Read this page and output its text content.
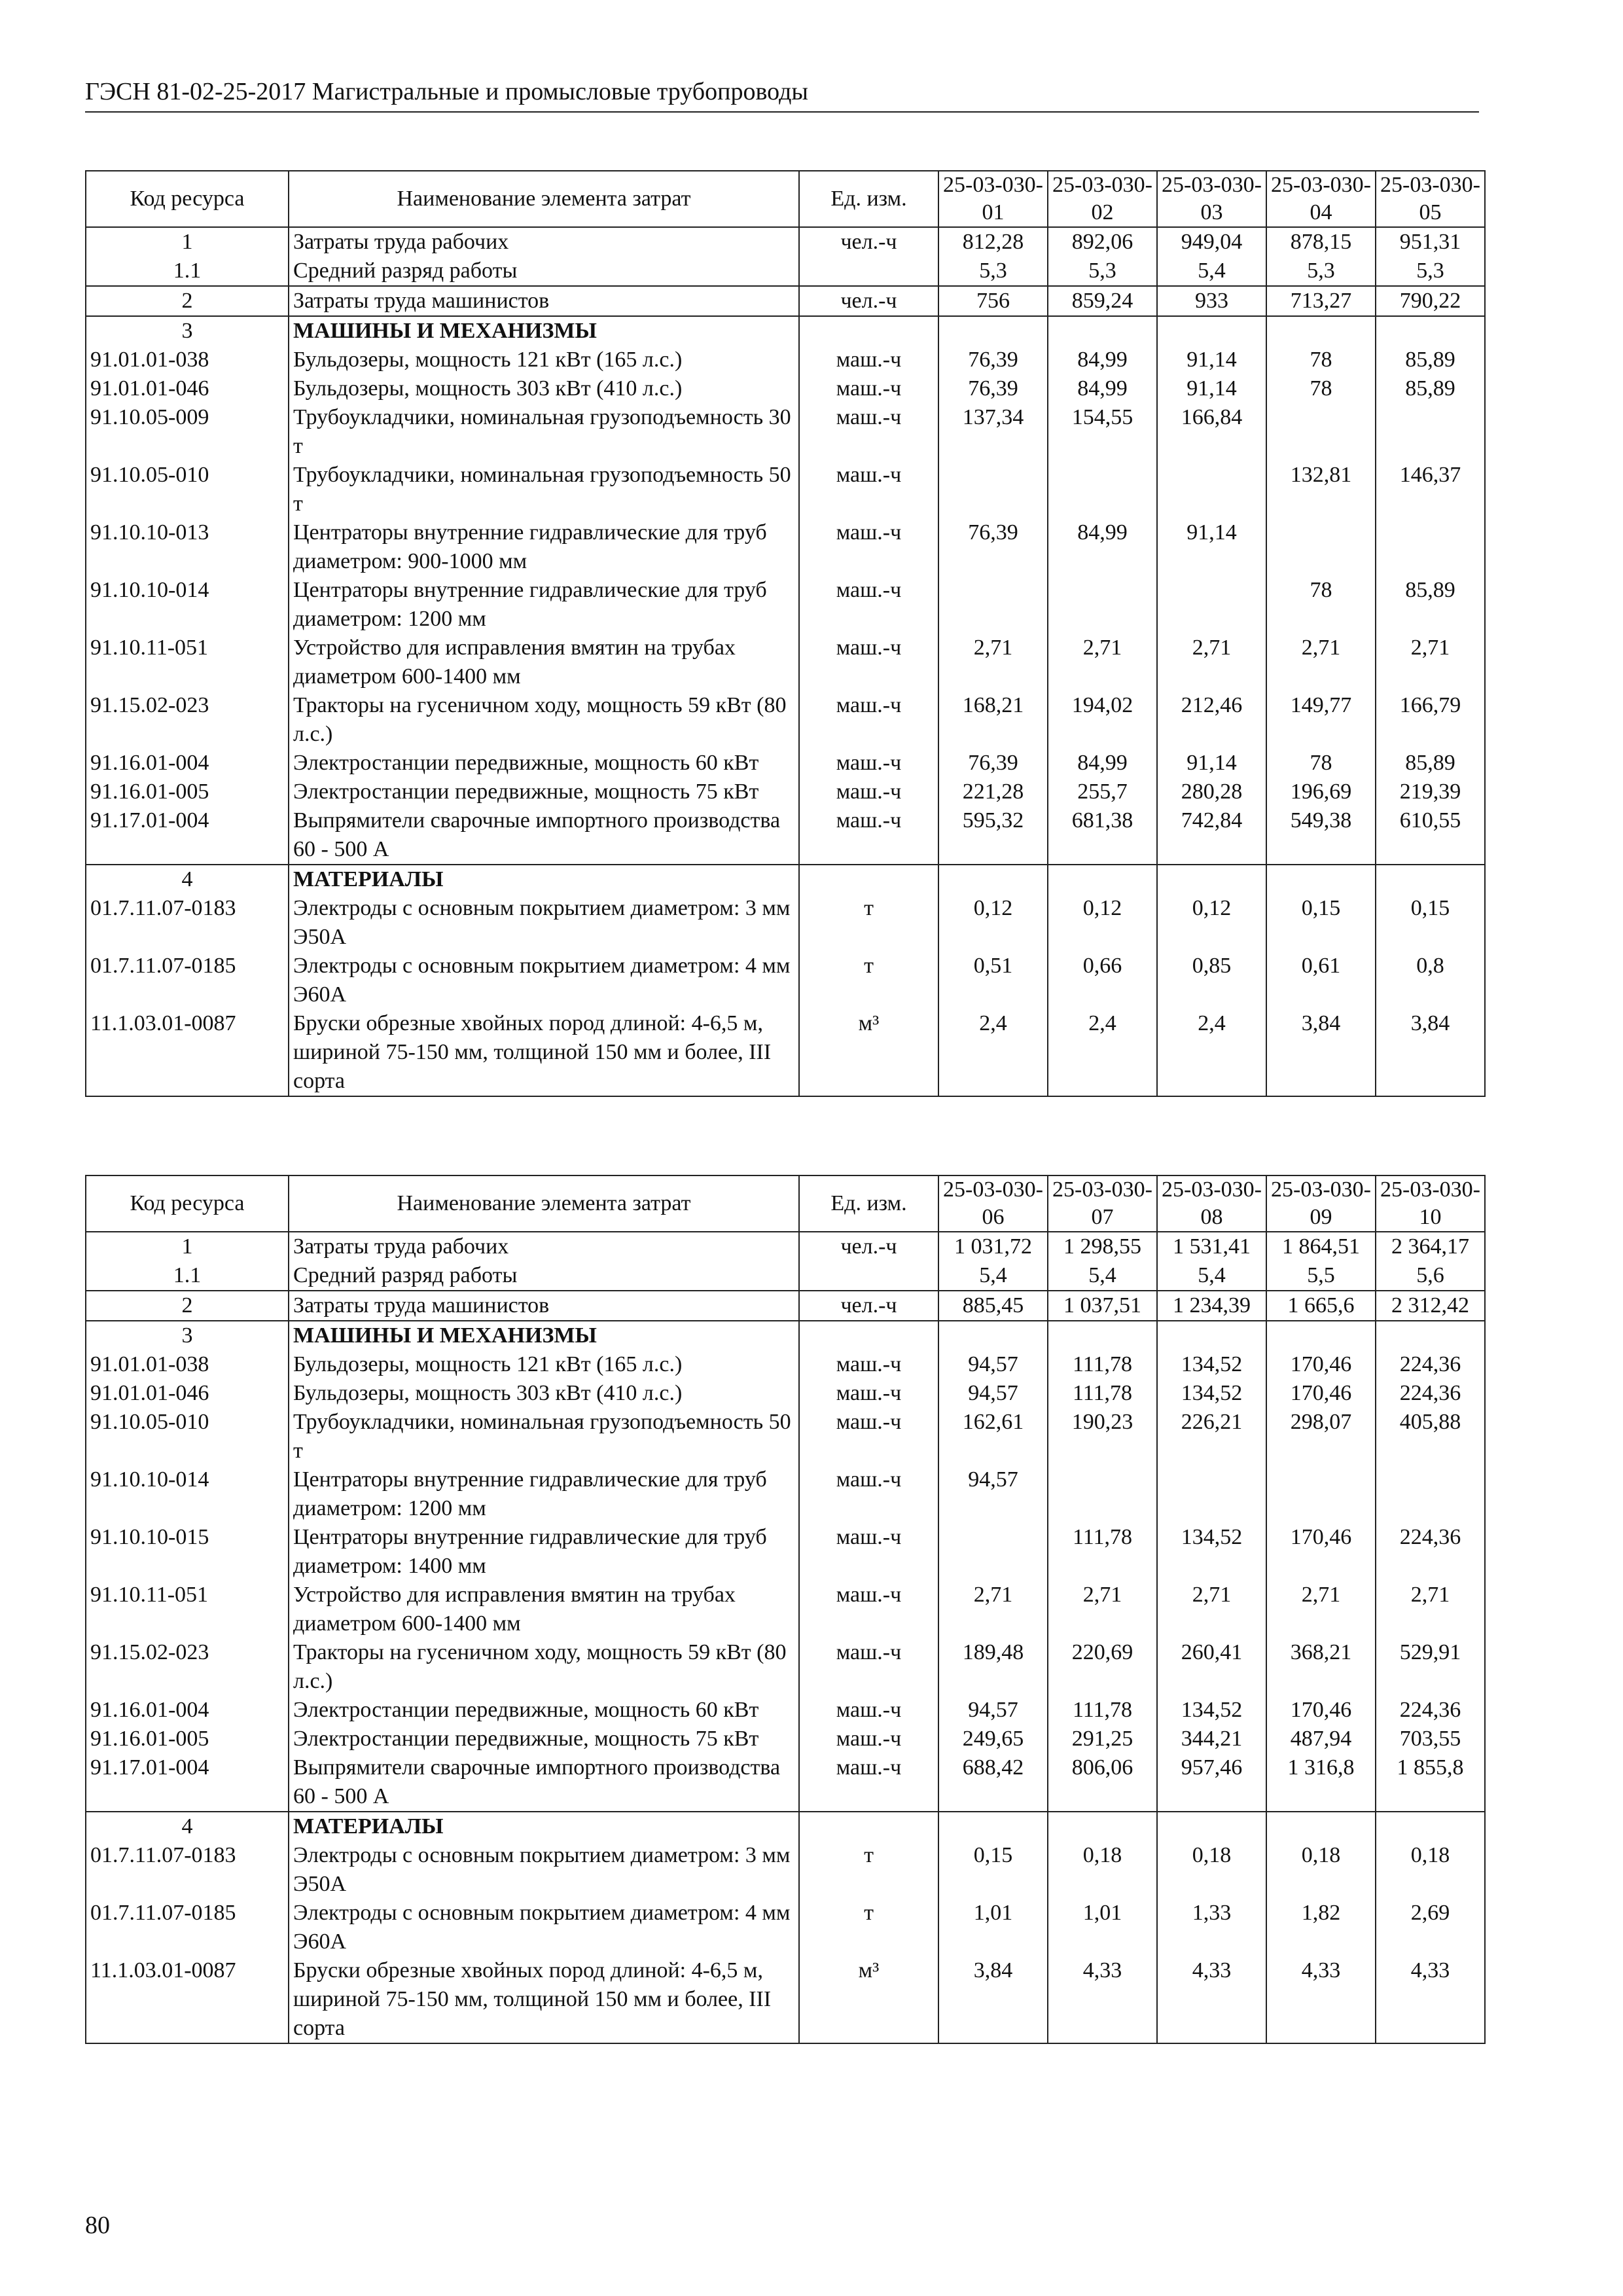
ГЭСН 81-02-25-2017 Магистральные и промысловые трубопроводы
Код ресурса	Наименование элемента затрат	Ед. изм.	25-03-030-01	25-03-030-02	25-03-030-03	25-03-030-04	25-03-030-05
1	Затраты труда рабочих	чел.-ч	812,28	892,06	949,04	878,15	951,31
1.1	Средний разряд работы		5,3	5,3	5,4	5,3	5,3
2	Затраты труда машинистов	чел.-ч	756	859,24	933	713,27	790,22
3	МАШИНЫ И МЕХАНИЗМЫ						
91.01.01-038	Бульдозеры, мощность 121 кВт (165 л.с.)	маш.-ч	76,39	84,99	91,14	78	85,89
91.01.01-046	Бульдозеры, мощность 303 кВт (410 л.с.)	маш.-ч	76,39	84,99	91,14	78	85,89
91.10.05-009	Трубоукладчики, номинальная грузоподъемность 30 т	маш.-ч	137,34	154,55	166,84		
91.10.05-010	Трубоукладчики, номинальная грузоподъемность 50 т	маш.-ч				132,81	146,37
91.10.10-013	Центраторы внутренние гидравлические для труб диаметром: 900-1000 мм	маш.-ч	76,39	84,99	91,14		
91.10.10-014	Центраторы внутренние гидравлические для труб диаметром: 1200 мм	маш.-ч				78	85,89
91.10.11-051	Устройство для исправления вмятин на трубах диаметром 600-1400 мм	маш.-ч	2,71	2,71	2,71	2,71	2,71
91.15.02-023	Тракторы на гусеничном ходу, мощность 59 кВт (80 л.с.)	маш.-ч	168,21	194,02	212,46	149,77	166,79
91.16.01-004	Электростанции передвижные, мощность 60 кВт	маш.-ч	76,39	84,99	91,14	78	85,89
91.16.01-005	Электростанции передвижные, мощность 75 кВт	маш.-ч	221,28	255,7	280,28	196,69	219,39
91.17.01-004	Выпрямители сварочные импортного производства 60 - 500 А	маш.-ч	595,32	681,38	742,84	549,38	610,55
4	МАТЕРИАЛЫ						
01.7.11.07-0183	Электроды с основным покрытием диаметром: 3 мм Э50А	т	0,12	0,12	0,12	0,15	0,15
01.7.11.07-0185	Электроды с основным покрытием диаметром: 4 мм Э60А	т	0,51	0,66	0,85	0,61	0,8
11.1.03.01-0087	Бруски обрезные хвойных пород длиной: 4-6,5 м, шириной 75-150 мм, толщиной 150 мм и более, III сорта	м³	2,4	2,4	2,4	3,84	3,84
Код ресурса	Наименование элемента затрат	Ед. изм.	25-03-030-06	25-03-030-07	25-03-030-08	25-03-030-09	25-03-030-10
1	Затраты труда рабочих	чел.-ч	1 031,72	1 298,55	1 531,41	1 864,51	2 364,17
1.1	Средний разряд работы		5,4	5,4	5,4	5,5	5,6
2	Затраты труда машинистов	чел.-ч	885,45	1 037,51	1 234,39	1 665,6	2 312,42
3	МАШИНЫ И МЕХАНИЗМЫ						
91.01.01-038	Бульдозеры, мощность 121 кВт (165 л.с.)	маш.-ч	94,57	111,78	134,52	170,46	224,36
91.01.01-046	Бульдозеры, мощность 303 кВт (410 л.с.)	маш.-ч	94,57	111,78	134,52	170,46	224,36
91.10.05-010	Трубоукладчики, номинальная грузоподъемность 50 т	маш.-ч	162,61	190,23	226,21	298,07	405,88
91.10.10-014	Центраторы внутренние гидравлические для труб диаметром: 1200 мм	маш.-ч	94,57				
91.10.10-015	Центраторы внутренние гидравлические для труб диаметром: 1400 мм	маш.-ч		111,78	134,52	170,46	224,36
91.10.11-051	Устройство для исправления вмятин на трубах диаметром 600-1400 мм	маш.-ч	2,71	2,71	2,71	2,71	2,71
91.15.02-023	Тракторы на гусеничном ходу, мощность 59 кВт (80 л.с.)	маш.-ч	189,48	220,69	260,41	368,21	529,91
91.16.01-004	Электростанции передвижные, мощность 60 кВт	маш.-ч	94,57	111,78	134,52	170,46	224,36
91.16.01-005	Электростанции передвижные, мощность 75 кВт	маш.-ч	249,65	291,25	344,21	487,94	703,55
91.17.01-004	Выпрямители сварочные импортного производства 60 - 500 А	маш.-ч	688,42	806,06	957,46	1 316,8	1 855,8
4	МАТЕРИАЛЫ						
01.7.11.07-0183	Электроды с основным покрытием диаметром: 3 мм Э50А	т	0,15	0,18	0,18	0,18	0,18
01.7.11.07-0185	Электроды с основным покрытием диаметром: 4 мм Э60А	т	1,01	1,01	1,33	1,82	2,69
11.1.03.01-0087	Бруски обрезные хвойных пород длиной: 4-6,5 м, шириной 75-150 мм, толщиной 150 мм и более, III сорта	м³	3,84	4,33	4,33	4,33	4,33
80
